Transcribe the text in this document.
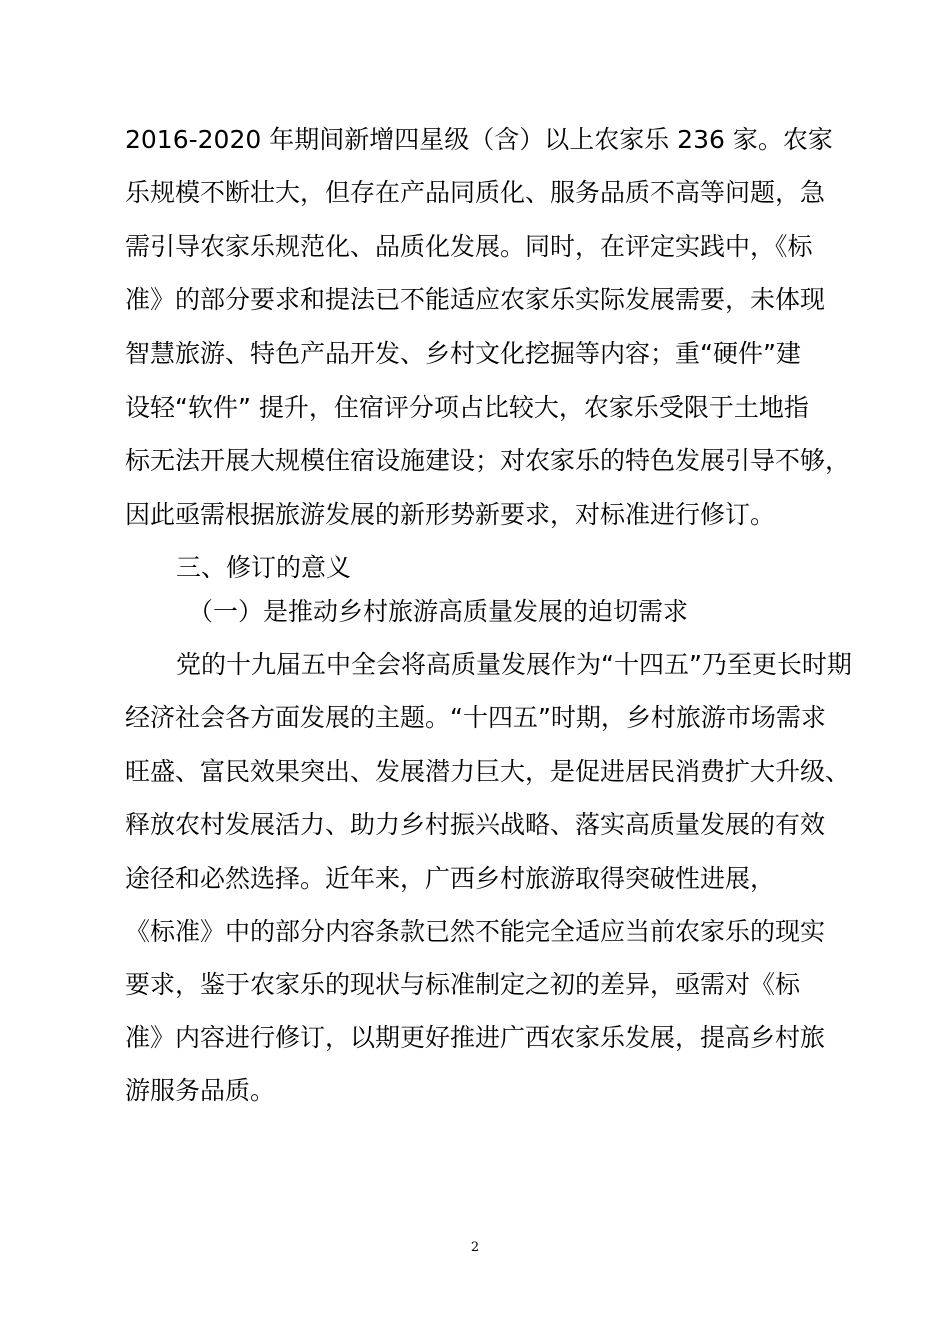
2016-2020 年期间新增四星级（含）以上农家乐 236 家。农家
乐规模不断壮大，但存在产品同质化、服务品质不高等问题，急
需引导农家乐规范化、品质化发展。同时，在评定实践中，《标
准》的部分要求和提法已不能适应农家乐实际发展需要，未体现
智慧旅游、特色产品开发、乡村文化挖掘等内容；重“硬件”建
设轻“软件” 提升，住宿评分项占比较大，农家乐受限于土地指
标无法开展大规模住宿设施建设；对农家乐的特色发展引导不够，
因此亟需根据旅游发展的新形势新要求，对标准进行修订。
三、修订的意义
（一）是推动乡村旅游高质量发展的迫切需求
党的十九届五中全会将高质量发展作为“十四五”乃至更长时期
经济社会各方面发展的主题。“十四五”时期，乡村旅游市场需求
旺盛、富民效果突出、发展潜力巨大，是促进居民消费扩大升级、
释放农村发展活力、助力乡村振兴战略、落实高质量发展的有效
途径和必然选择。近年来，广西乡村旅游取得突破性进展，
《标准》中的部分内容条款已然不能完全适应当前农家乐的现实
要求，鉴于农家乐的现状与标准制定之初的差异，亟需对《标
准》内容进行修订，以期更好推进广西农家乐发展，提高乡村旅
游服务品质。
2
